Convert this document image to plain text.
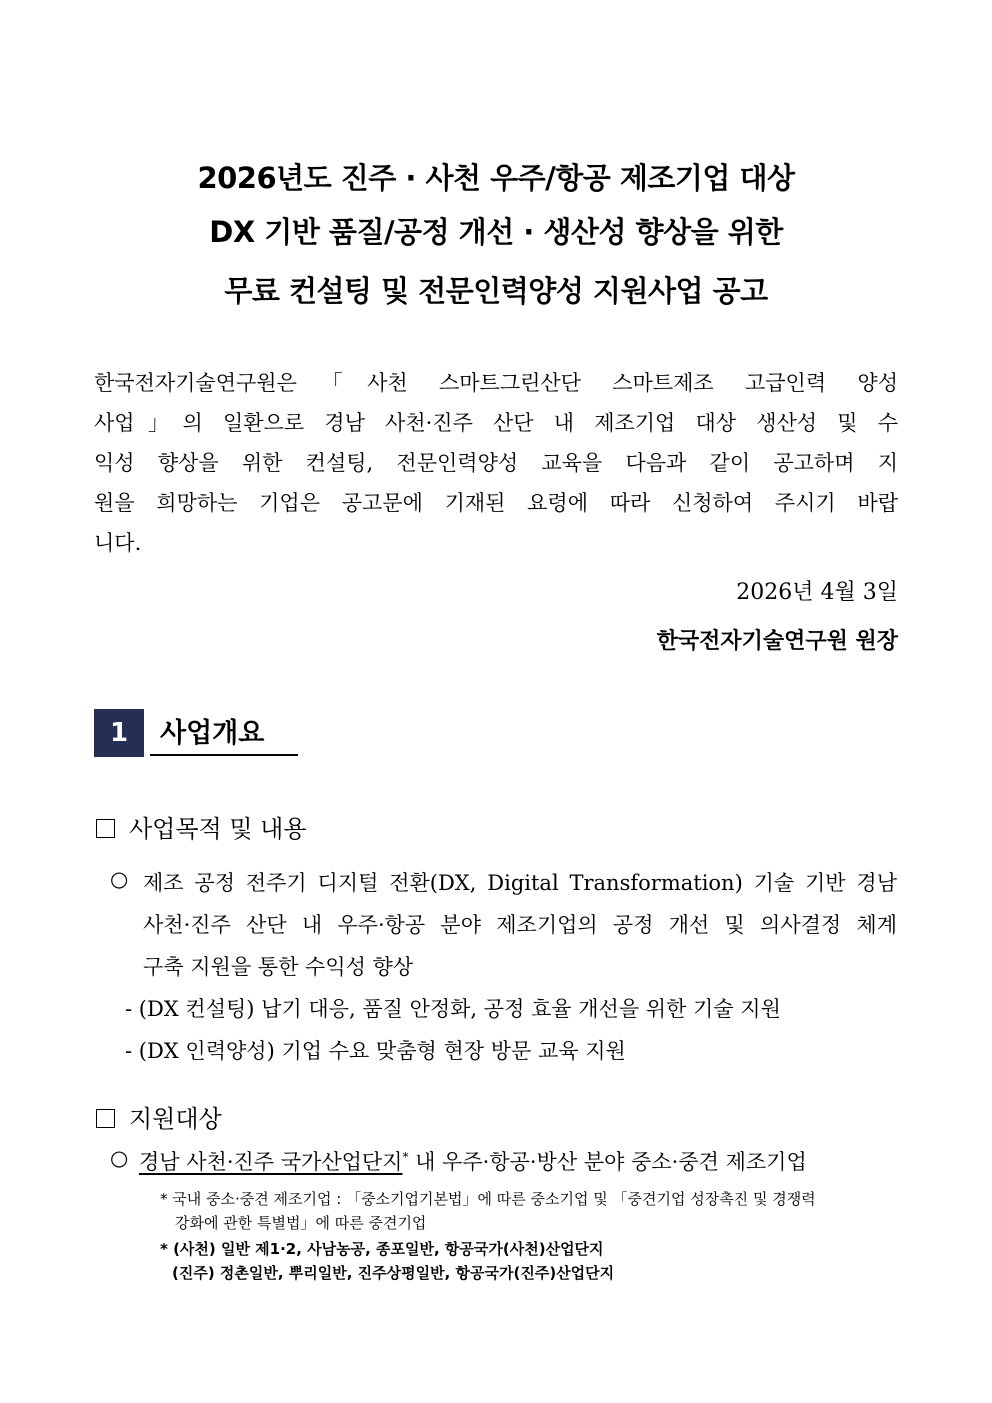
2026년도 진주 · 사천 우주/항공 제조기업 대상
DX 기반 품질/공정 개선 · 생산성 향상을 위한
무료 컨설팅 및 전문인력양성 지원사업 공고
한국전자기술연구원은「사천 스마트그린산단 스마트제조 고급인력 양성
사업」의 일환으로 경남 사천·진주 산단 내 제조기업 대상 생산성 및 수
익성 향상을 위한 컨설팅, 전문인력양성 교육을 다음과 같이 공고하며 지
원을 희망하는 기업은 공고문에 기재된 요령에 따라 신청하여 주시기 바랍
니다.
2026년 4월 3일
한국전자기술연구원 원장
1	사업개요
사업목적 및 내용
○ 제조 공정 전주기 디지털 전환(DX, Digital Transformation) 기술 기반 경남
사천·진주 산단 내 우주·항공 분야 제조기업의 공정 개선 및 의사결정 체계
구축 지원을 통한 수익성 향상
- (DX 컨설팅) 납기 대응, 품질 안정화, 공정 효율 개선을 위한 기술 지원
- (DX 인력양성) 기업 수요 맞춤형 현장 방문 교육 지원
지원대상
○ 경남 사천·진주 국가산업단지* 내 우주·항공·방산 분야 중소·중견 제조기업
* 국내 중소·중견 제조기업 : 「중소기업기본법」에 따른 중소기업 및 「중견기업 성장촉진 및 경쟁력
강화에 관한 특별법」에 따른 중견기업
* (사천) 일반 제1·2, 사남농공, 종포일반, 항공국가(사천)산업단지
(진주) 정촌일반, 뿌리일반, 진주상평일반, 항공국가(진주)산업단지
